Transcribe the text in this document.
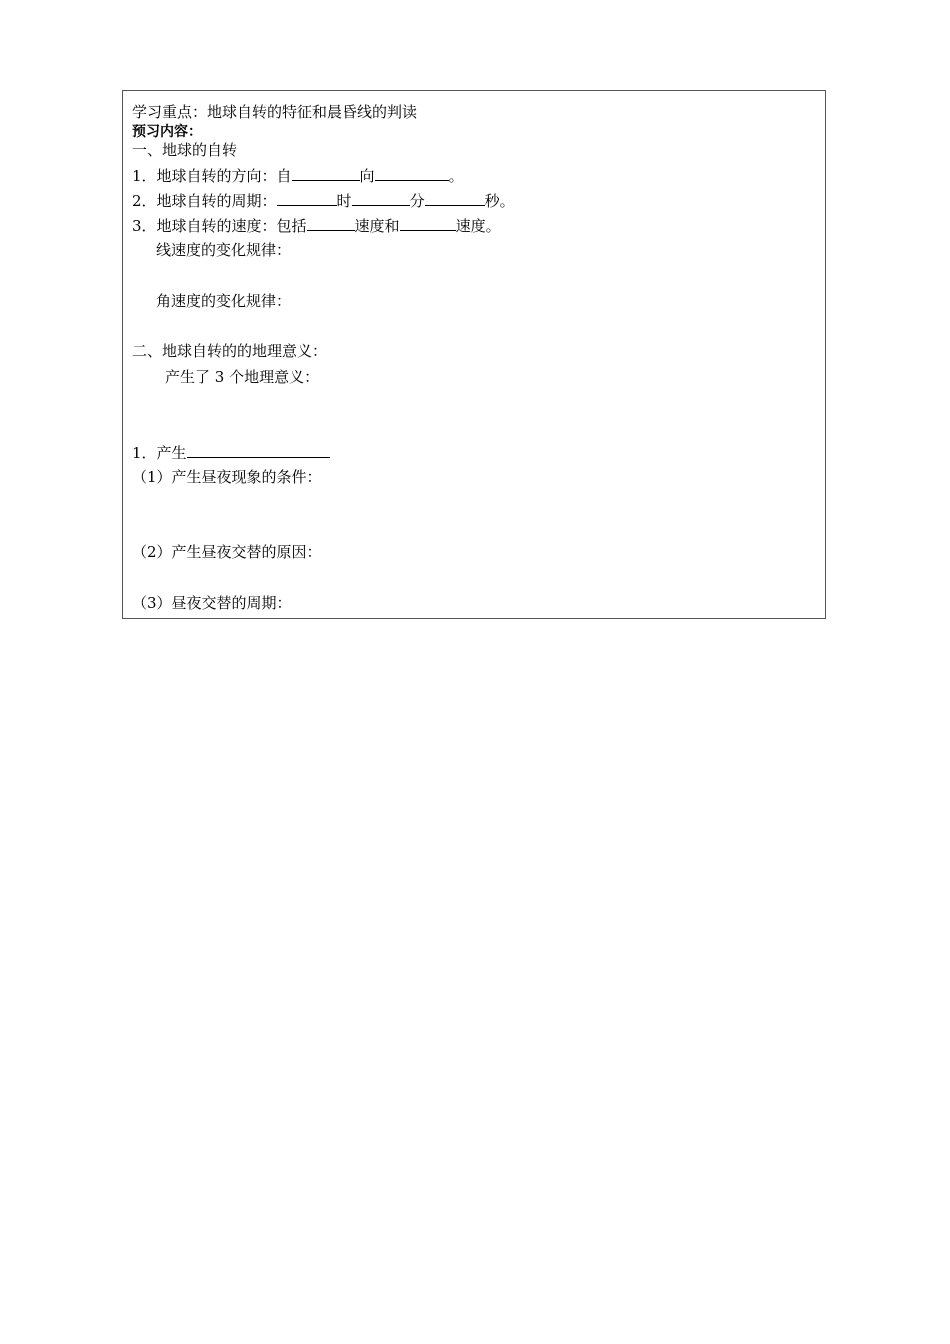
学习重点：地球自转的特征和晨昏线的判读
预习内容：
一、地球的自转
1．地球自转的方向：自	向	。
2．地球自转的周期：	时	分	秒。
3．地球自转的速度：包括	速度和	速度。
线速度的变化规律：
角速度的变化规律：
二、地球自转的的地理意义：
产生了 3 个地理意义：
1．产生
（1）产生昼夜现象的条件：
（2）产生昼夜交替的原因：
（3）昼夜交替的周期：
